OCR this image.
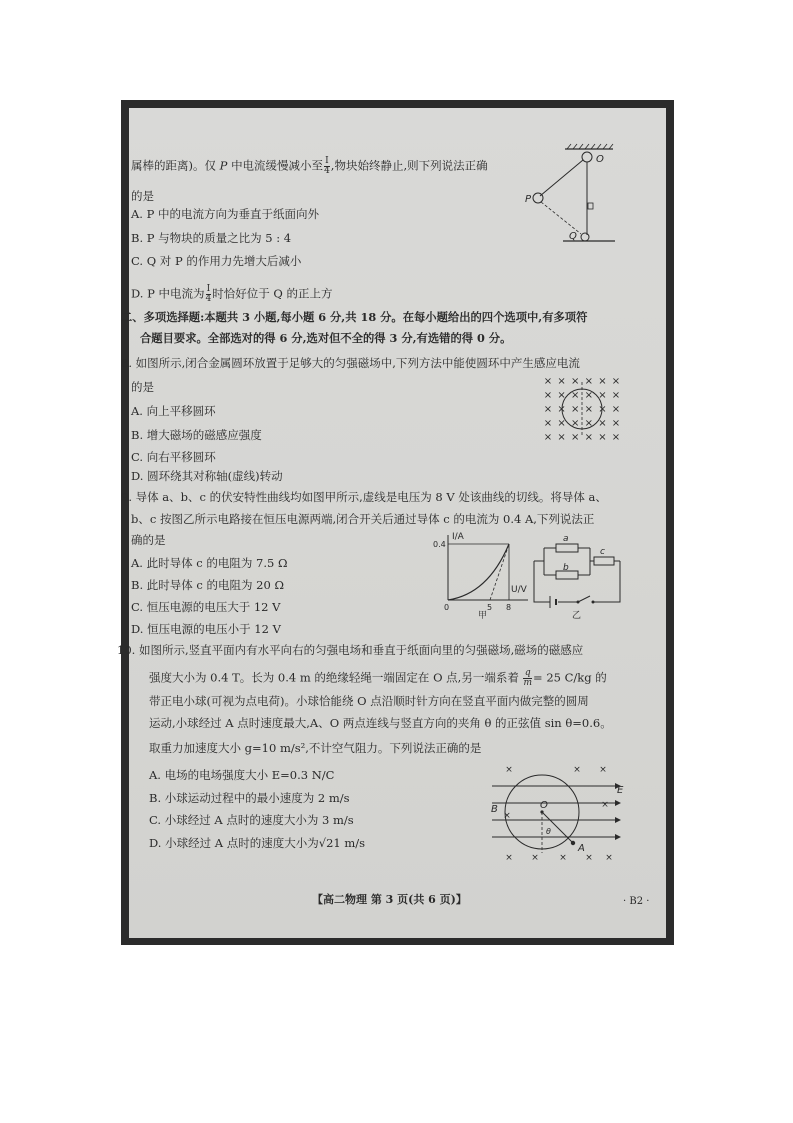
属棒的距离)。仅 P 中电流缓慢减小至 $\frac{I}{4}$ ,物块始终静止,则下列说法正确
的是
A. P 中的电流方向为垂直于纸面向外
B. P 与物块的质量之比为 5 : 4
C. Q 对 P 的作用力先增大后减小
D. P 中电流为 $\frac{I}{4}$ 时恰好位于 Q 的正上方
O
P
Q
二、多项选择题:本题共 3 小题,每小题 6 分,共 18 分。在每小题给出的四个选项中,有多项符
合题目要求。全部选对的得 6 分,选对但不全的得 3 分,有选错的得 0 分。
8. 如图所示,闭合金属圆环放置于足够大的匀强磁场中,下列方法中能使圆环中产生感应电流
的是
A. 向上平移圆环
B. 增大磁场的磁感应强度
C. 向右平移圆环
D. 圆环绕其对称轴(虚线)转动
× × × × × ×
× × × × × ×
× × × × × ×
× × × × × ×
× × × × × ×
9. 导体 a、b、c 的伏安特性曲线均如图甲所示,虚线是电压为 8 V 处该曲线的切线。将导体 a、
b、c 按图乙所示电路接在恒压电源两端,闭合开关后通过导体 c 的电流为 0.4 A,下列说法正
确的是
A. 此时导体 c 的电阻为 7.5 Ω
B. 此时导体 c 的电阻为 20 Ω
C. 恒压电源的电压大于 12 V
D. 恒压电源的电压小于 12 V
I/A
0.4
0	5 8
U/V
甲
a
b
c
乙
10. 如图所示,竖直平面内有水平向右的匀强电场和垂直于纸面向里的匀强磁场,磁场的磁感应
强度大小为 0.4 T。长为 0.4 m 的绝缘轻绳一端固定在 O 点,另一端系着 $\frac{q}{m} = 25$ C/kg 的
带正电小球(可视为点电荷)。小球恰能绕 O 点沿顺时针方向在竖直平面内做完整的圆周
运动,小球经过 A 点时速度最大,A、O 两点连线与竖直方向的夹角 θ 的正弦值 sin θ=0.6。
取重力加速度大小 g=10 m/s²,不计空气阻力。下列说法正确的是
A. 电场的电场强度大小 E=0.3 N/C
B. 小球运动过程中的最小速度为 2 m/s
C. 小球经过 A 点时的速度大小为 3 m/s
D. 小球经过 A 点时的速度大小为√21 m/s
E
B	O
A
θ
×	× ×
×
×
× × × × ×
【高二物理 第 3 页(共 6 页)】	· B2 ·
